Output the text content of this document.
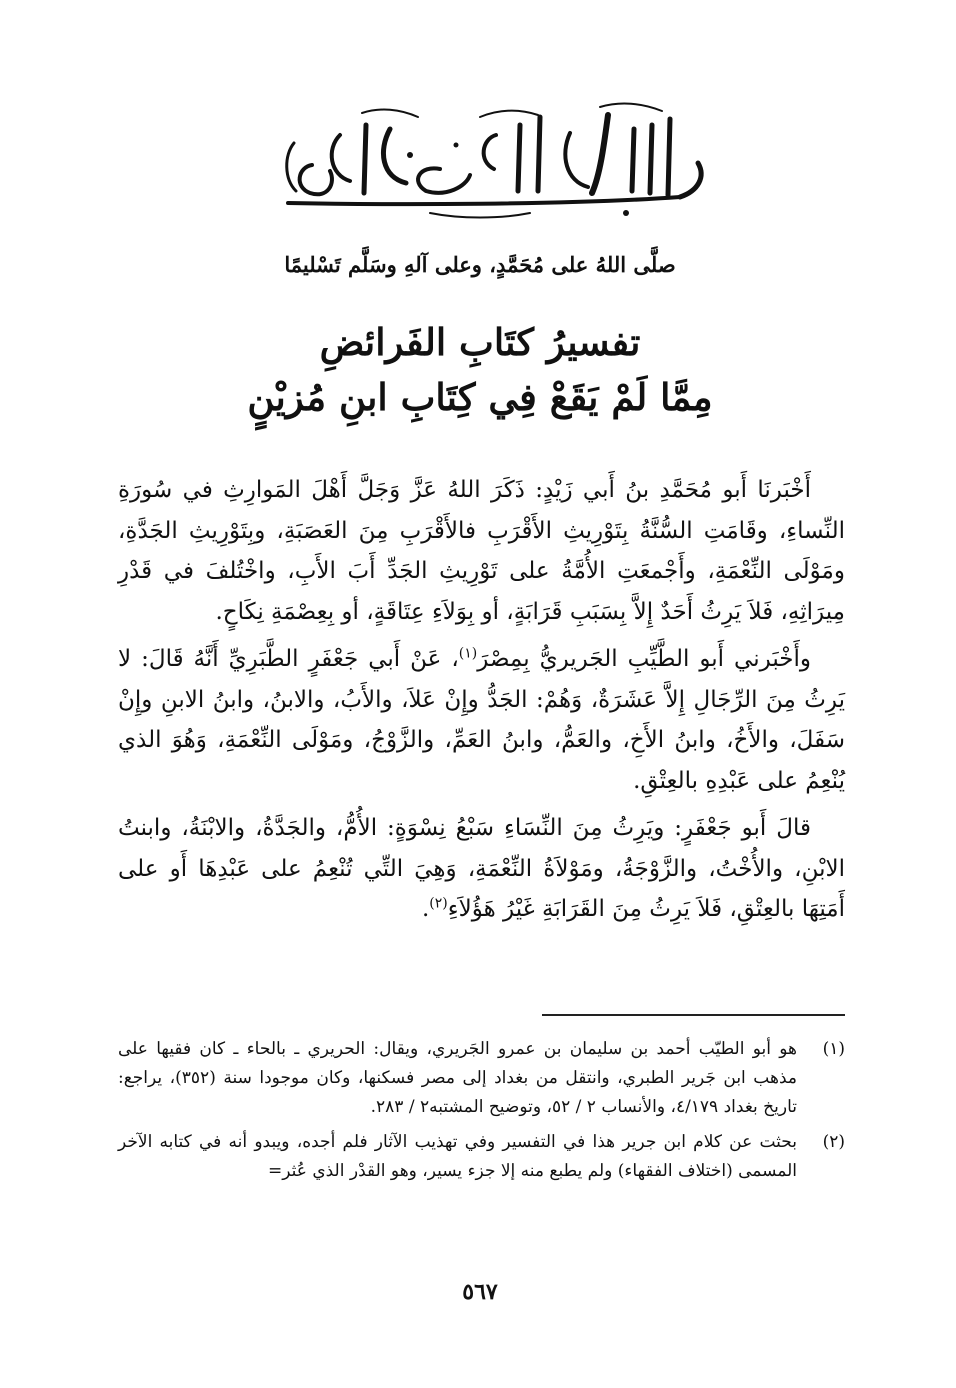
صلَّى اللهُ على مُحَمَّدٍ، وعلى آلهِ وسَلَّم تَسْليمًا
تفسيرُ كتَابِ الفَرائضِ
مِمَّا لَمْ يَقَعْ فِي كِتَابِ ابنِ مُزيْنٍ

أَخْبَرنَا أَبو مُحَمَّدِ بنُ أَبي زَيْدٍ: ذَكَرَ اللهُ عَزَّ وَجَلَّ أَهْلَ المَوارِثِ في سُورَةِ النِّساءِ، وقَامَتِ السُّنَّةُ بِتَوْرِيثِ الأَقْرَبِ فالأَقْرَبِ مِنَ العَصَبَةِ، وبِتَوْرِيثِ الجَدَّةِ، ومَوْلَى النِّعْمَةِ، وأَجْمعَتِ الأُمَّةُ على تَوْرِيثِ الجَدِّ أَبَ الأَبِ، واخْتُلفَ في قَدْرِ مِيرَاثِهِ، فَلاَ يَرِثُ أَحَدٌ إِلاَّ بِسَبَبِ قَرَابَةٍ، أو بِوَلاَءِ عِتَاقَةٍ، أو بِعِصْمَةِ نِكَاحٍ.

وأَخْبَرني أَبو الطَّيِّبِ الجَريريُّ بِمِصْرَ$^{(١)}$، عَنْ أَبي جَعْفَرٍ الطَّبَرِيِّ أَنَّهُ قَالَ: لا يَرِثُ مِنَ الرِّجَالِ إِلاَّ عَشَرَةٌ، وَهُمْ: الجَدُّ وإِنْ عَلاَ، والأَبُ، والابنُ، وابنُ الابنِ وإِنْ سَفَلَ، والأَخُ، وابنُ الأَخِ، والعَمُّ، وابنُ العَمِّ، والزَّوْجُ، ومَوْلَى النِّعْمَةِ، وَهُوَ الذي يُنْعِمُ على عَبْدِهِ بالعِتْقِ.

قالَ أَبو جَعْفَرٍ: ويَرِثُ مِنَ النِّسَاءِ سَبْعُ نِسْوَةٍ: الأُمُّ، والجَدَّةُ، والابْنَةُ، وابنتُ الابْنِ، والأُخْتُ، والزَّوْجَةُ، ومَوْلاَةُ النِّعْمَةِ، وَهِيَ التِّي تُنْعِمُ على عَبْدِهَا أَو على أَمَتِهَا بالعِتْقِ، فَلاَ يَرِثُ مِنَ القَرَابَةِ غَيْرُ هَؤُلاَءِ$^{(٢)}$.

(١)
هو أبو الطيّب أحمد بن سليمان بن عمرو الجَريري، ويقال: الحريري ـ بالحاء ـ كان فقيها على مذهب ابن جَرير الطبري، وانتقل من بغداد إلى مصر فسكنها، وكان موجودا سنة (٣٥٢)، يراجع: تاريخ بغداد ٤/١٧٩، والأنساب ٢ / ٥٢، وتوضيح المشتبه٢ / ٢٨٣.
(٢)
بحثت عن كلام ابن جرير هذا في التفسير وفي تهذيب الآثار فلم أجده، ويبدو أنه في كتابه الآخر المسمى (اختلاف الفقهاء) ولم يطبع منه إلا جزء يسير، وهو القدْر الذي عُثر=
٥٦٧
